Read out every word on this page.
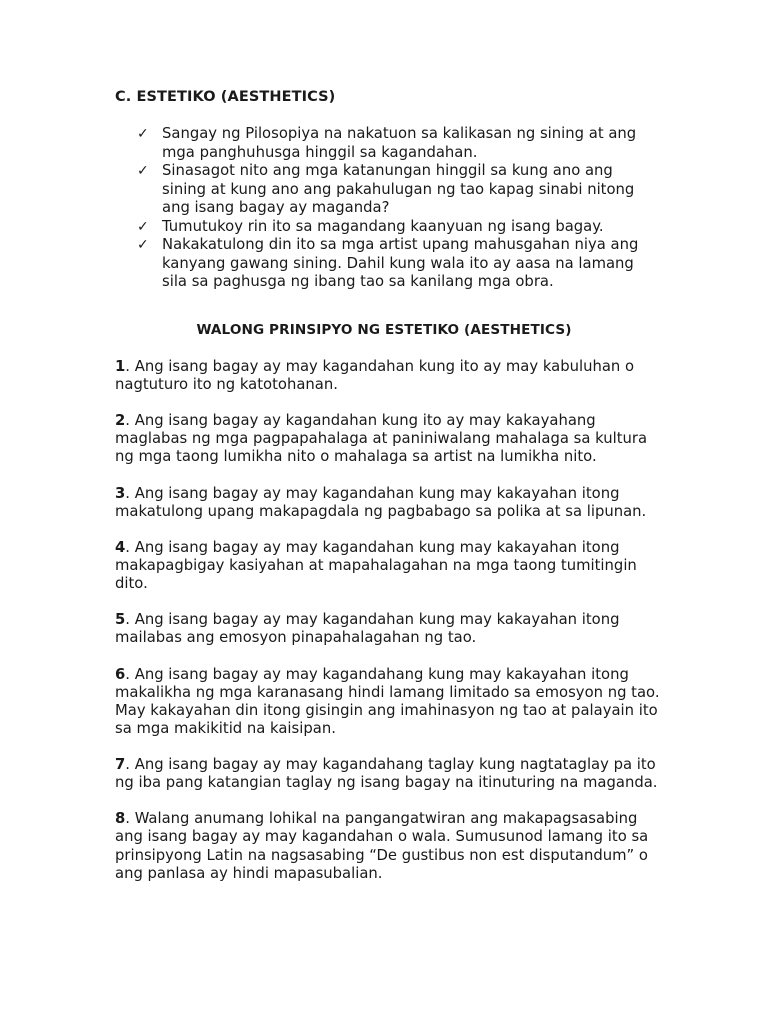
C. ESTETIKO (AESTHETICS)
✓ Sangay ng Pilosopiya na nakatuon sa kalikasan ng sining at ang mga panghuhusga hinggil sa kagandahan.
✓ Sinasagot nito ang mga katanungan hinggil sa kung ano ang sining at kung ano ang pakahulugan ng tao kapag sinabi nitong ang isang bagay ay maganda?
✓ Tumutukoy rin ito sa magandang kaanyuan ng isang bagay.
✓ Nakakatulong din ito sa mga artist upang mahusgahan niya ang kanyang gawang sining. Dahil kung wala ito ay aasa na lamang sila sa paghusga ng ibang tao sa kanilang mga obra.
WALONG PRINSIPYO NG ESTETIKO (AESTHETICS)

1. Ang isang bagay ay may kagandahan kung ito ay may kabuluhan o nagtuturo ito ng katotohanan.

2. Ang isang bagay ay kagandahan kung ito ay may kakayahang maglabas ng mga pagpapahalaga at paniniwalang mahalaga sa kultura ng mga taong lumikha nito o mahalaga sa artist na lumikha nito.

3. Ang isang bagay ay may kagandahan kung may kakayahan itong makatulong upang makapagdala ng pagbabago sa polika at sa lipunan.

4. Ang isang bagay ay may kagandahan kung may kakayahan itong makapagbigay kasiyahan at mapahalagahan na mga taong tumitingin dito.

5. Ang isang bagay ay may kagandahan kung may kakayahan itong mailabas ang emosyon pinapahalagahan ng tao.

6. Ang isang bagay ay may kagandahang kung may kakayahan itong makalikha ng mga karanasang hindi lamang limitado sa emosyon ng tao. May kakayahan din itong gisingin ang imahinasyon ng tao at palayain ito sa mga makikitid na kaisipan.

7. Ang isang bagay ay may kagandahang taglay kung nagtataglay pa ito ng iba pang katangian taglay ng isang bagay na itinuturing na maganda.

8. Walang anumang lohikal na pangangatwiran ang makapagsasabing ang isang bagay ay may kagandahan o wala. Sumusunod lamang ito sa prinsipyong Latin na nagsasabing “De gustibus non est disputandum” o ang panlasa ay hindi mapasubalian.
